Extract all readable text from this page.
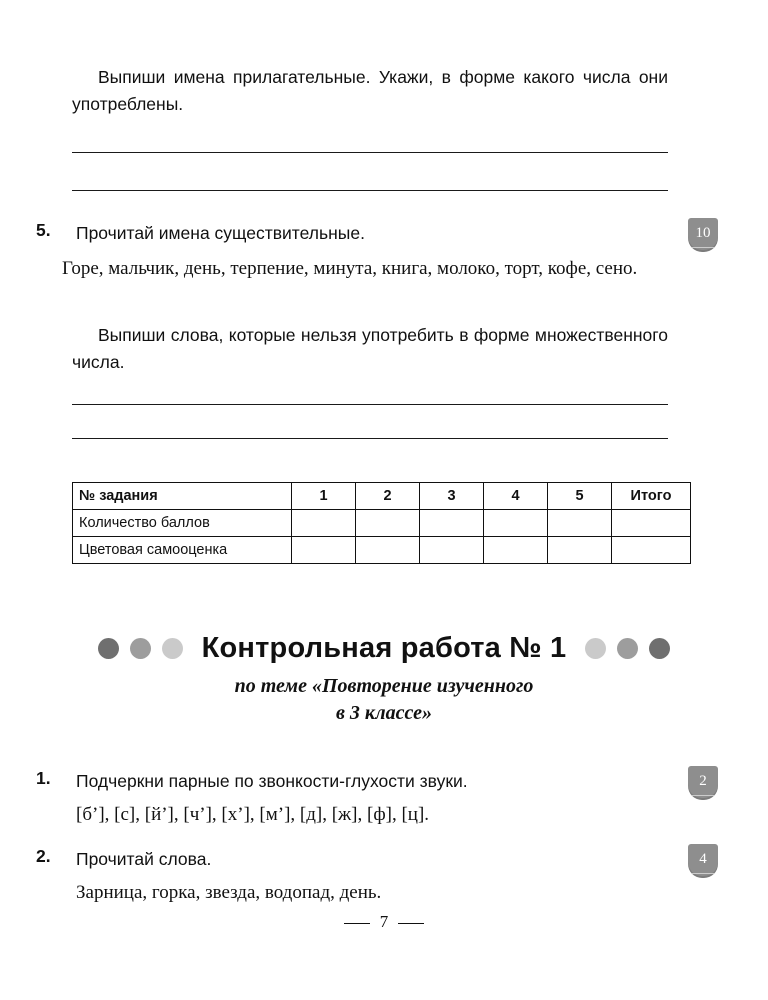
Выпиши имена прилагательные. Укажи, в форме какого числа они употреблены.
5. Прочитай имена существительные.
Горе, мальчик, день, терпение, минута, книга, молоко, торт, кофе, сено.
Выпиши слова, которые нельзя употребить в форме множественного числа.
10
№ задания	1	2	3	4	5	Итого
Количество баллов						
Цветовая самооценка						
Контрольная работа № 1
по теме «Повторение изученного
в 3 классе»
1. Подчеркни парные по звонкости-глухости звуки.
[б’], [с], [й’], [ч’], [х’], [м’], [д], [ж], [ф], [ц].
2
2. Прочитай слова.
Зарница, горка, звезда, водопад, день.
4
7
